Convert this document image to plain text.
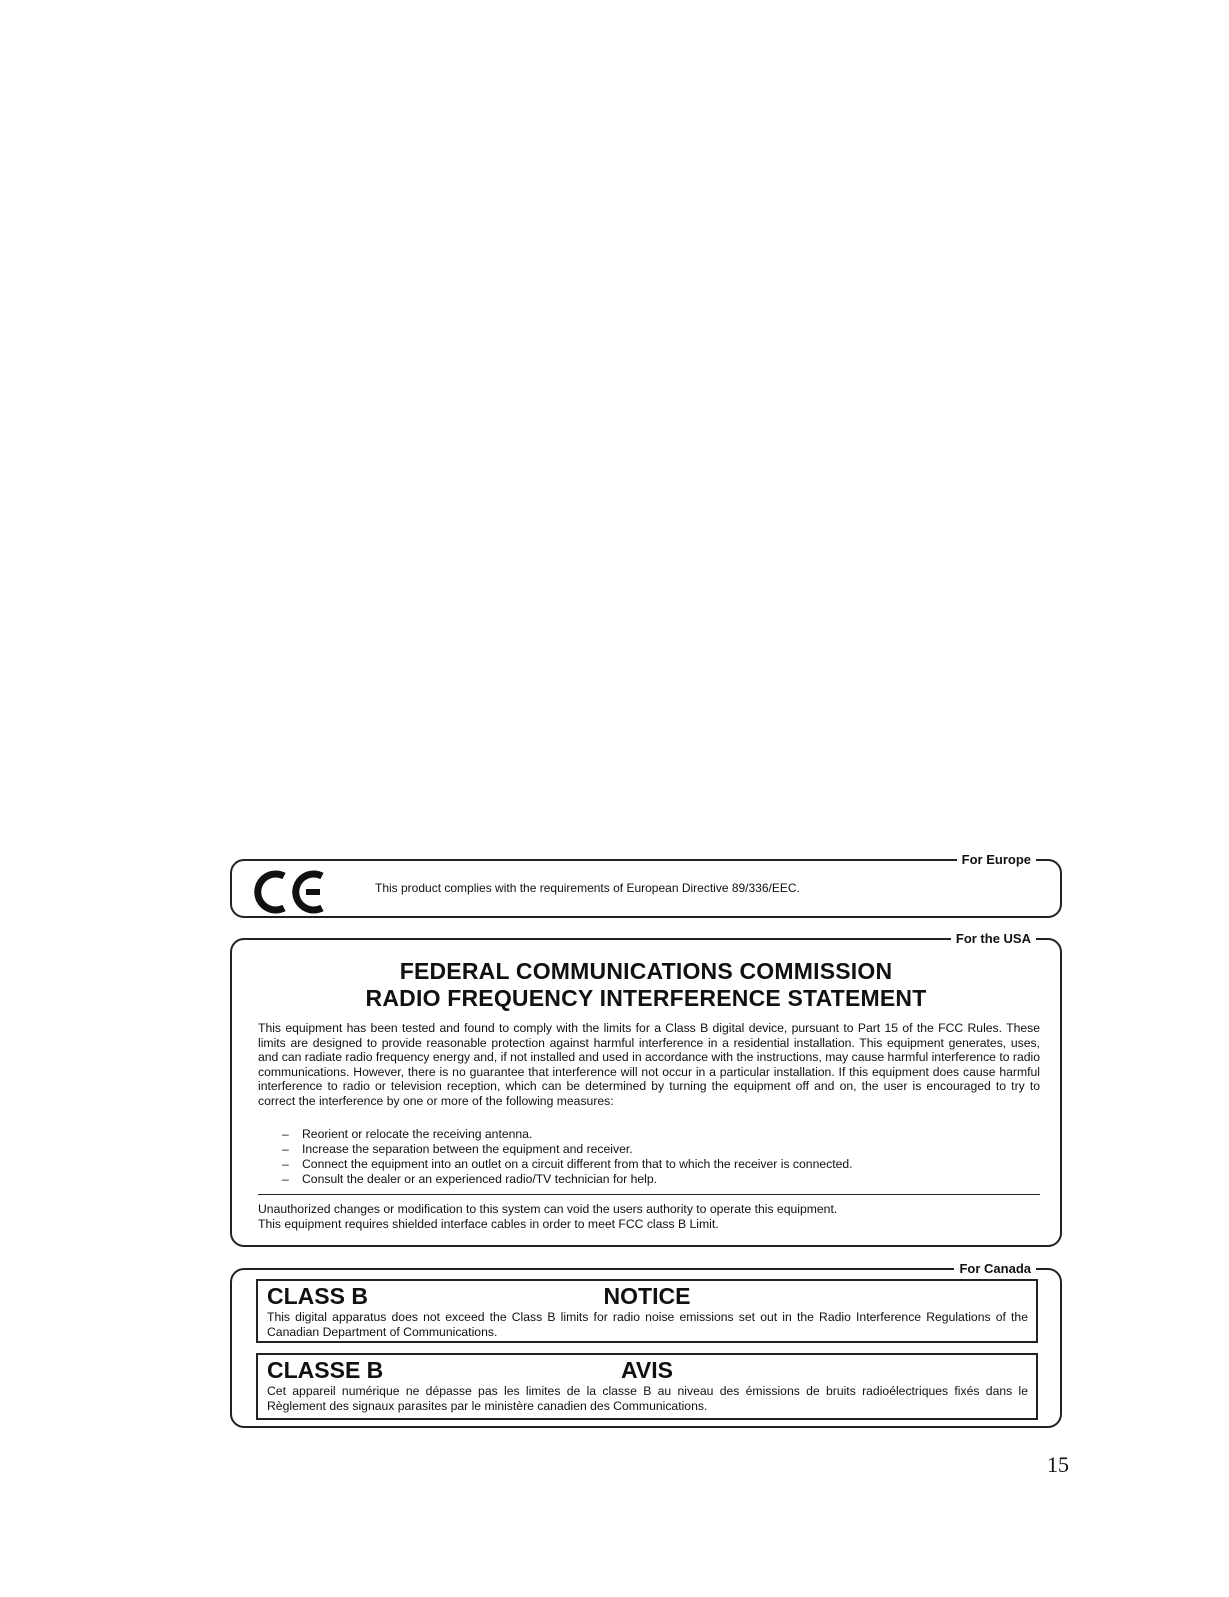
For Europe
This product complies with the requirements of European Directive 89/336/EEC.
For the USA
FEDERAL COMMUNICATIONS COMMISSION
RADIO FREQUENCY INTERFERENCE STATEMENT

This equipment has been tested and found to comply with the limits for a Class B digital device, pursuant to Part 15 of the FCC Rules. These limits are designed to provide reasonable protection against harmful interference in a residential installation. This equipment generates, uses, and can radiate radio frequency energy and, if not installed and used in accordance with the instructions, may cause harmful interference to radio communications. However, there is no guarantee that interference will not occur in a particular installation. If this equipment does cause harmful interference to radio or television reception, which can be determined by turning the equipment off and on, the user is encouraged to try to correct the interference by one or more of the following measures:

– Reorient or relocate the receiving antenna.
– Increase the separation between the equipment and receiver.
– Connect the equipment into an outlet on a circuit different from that to which the receiver is connected.
– Consult the dealer or an experienced radio/TV technician for help.
Unauthorized changes or modification to this system can void the users authority to operate this equipment.
This equipment requires shielded interface cables in order to meet FCC class B Limit.
For Canada
CLASS B	NOTICE

This digital apparatus does not exceed the Class B limits for radio noise emissions set out in the Radio Interference Regulations of the Canadian Department of Communications.

CLASSE B	AVIS

Cet appareil numérique ne dépasse pas les limites de la classe B au niveau des émissions de bruits radioélectriques fixés dans le Règlement des signaux parasites par le ministère canadien des Communications.

15
